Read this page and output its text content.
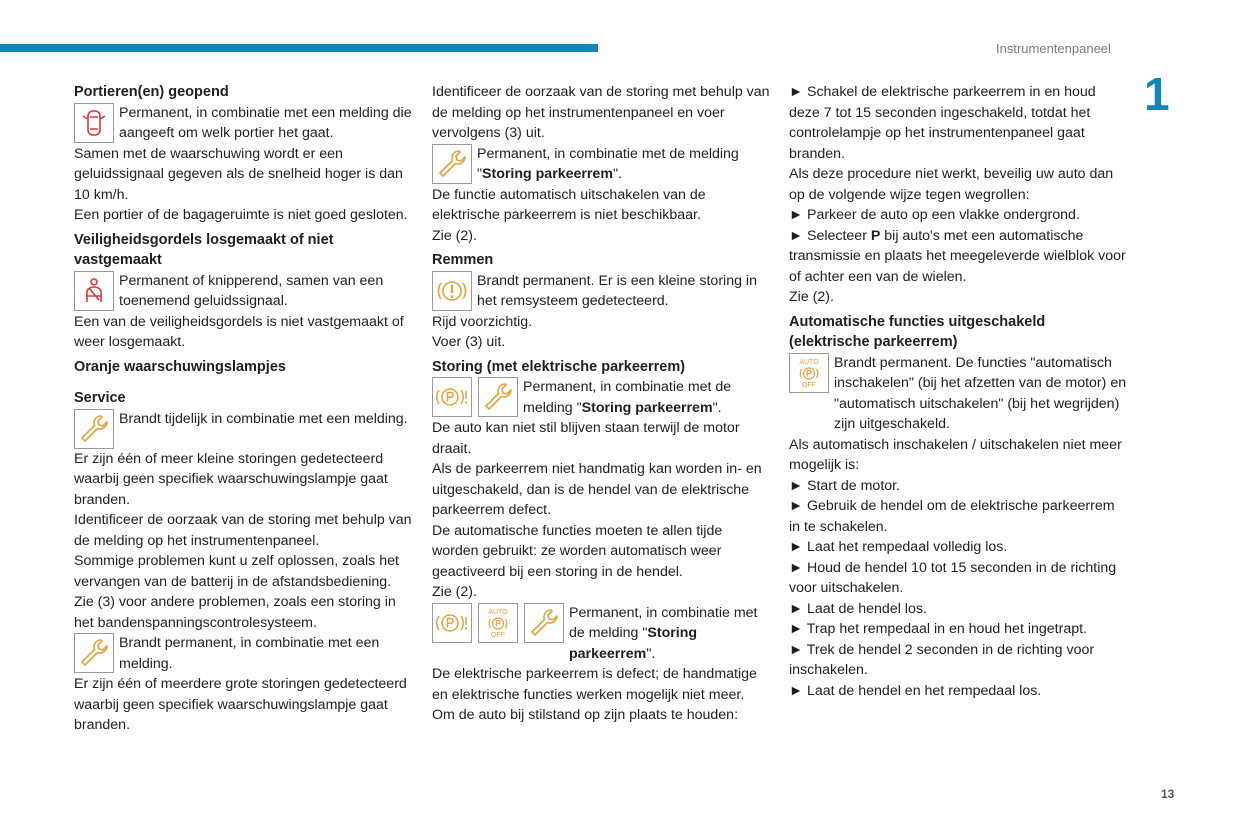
Instrumentenpaneel
1
13
Portieren(en) geopend

Permanent, in combinatie met een melding die aangeeft om welk portier het gaat.

Samen met de waarschuwing wordt er een geluidssignaal gegeven als de snelheid hoger is dan 10 km/h.

Een portier of de bagageruimte is niet goed gesloten.

Veiligheidsgordels losgemaakt of niet vastgemaakt

Permanent of knipperend, samen van een toenemend geluidssignaal.

Een van de veiligheidsgordels is niet vastgemaakt of weer losgemaakt.

Oranje waarschuwingslampjes
Service

Brandt tijdelijk in combinatie met een melding.

Er zijn één of meer kleine storingen gedetecteerd waarbij geen specifiek waarschuwingslampje gaat branden.

Identificeer de oorzaak van de storing met behulp van de melding op het instrumentenpaneel.

Sommige problemen kunt u zelf oplossen, zoals het vervangen van de batterij in de afstandsbediening.

Zie (3) voor andere problemen, zoals een storing in het bandenspanningscontrolesysteem.

Brandt permanent, in combinatie met een melding.

Er zijn één of meerdere grote storingen gedetecteerd waarbij geen specifiek waarschuwingslampje gaat branden.

Identificeer de oorzaak van de storing met behulp van de melding op het instrumentenpaneel en voer vervolgens (3) uit.

Permanent, in combinatie met de melding "Storing parkeerrem".

De functie automatisch uitschakelen van de elektrische parkeerrem is niet beschikbaar.

Zie (2).

Remmen

Brandt permanent. Er is een kleine storing in het remsysteem gedetecteerd.

Rijd voorzichtig.

Voer (3) uit.

Storing (met elektrische parkeerrem)

Permanent, in combinatie met de melding "Storing parkeerrem".

De auto kan niet stil blijven staan terwijl de motor draait.

Als de parkeerrem niet handmatig kan worden in- en uitgeschakeld, dan is de hendel van de elektrische parkeerrem defect.

De automatische functies moeten te allen tijde worden gebruikt: ze worden automatisch weer geactiveerd bij een storing in de hendel.

Zie (2).

AUTO
OFF

Permanent, in combinatie met de melding "Storing parkeerrem".

De elektrische parkeerrem is defect; de handmatige en elektrische functies werken mogelijk niet meer.

Om de auto bij stilstand op zijn plaats te houden:

► Schakel de elektrische parkeerrem in en houd deze 7 tot 15 seconden ingeschakeld, totdat het controlelampje op het instrumentenpaneel gaat branden.

Als deze procedure niet werkt, beveilig uw auto dan op de volgende wijze tegen wegrollen:

► Parkeer de auto op een vlakke ondergrond.

► Selecteer P bij auto's met een automatische transmissie en plaats het meegeleverde wielblok voor of achter een van de wielen.

Zie (2).

Automatische functies uitgeschakeld (elektrische parkeerrem)
AUTO
OFF

Brandt permanent. De functies "automatisch inschakelen" (bij het afzetten van de motor) en "automatisch uitschakelen" (bij het wegrijden) zijn uitgeschakeld.

Als automatisch inschakelen / uitschakelen niet meer mogelijk is:

► Start de motor.

► Gebruik de hendel om de elektrische parkeerrem in te schakelen.

► Laat het rempedaal volledig los.

► Houd de hendel 10 tot 15 seconden in de richting voor uitschakelen.

► Laat de hendel los.

► Trap het rempedaal in en houd het ingetrapt.

► Trek de hendel 2 seconden in de richting voor inschakelen.

► Laat de hendel en het rempedaal los.
